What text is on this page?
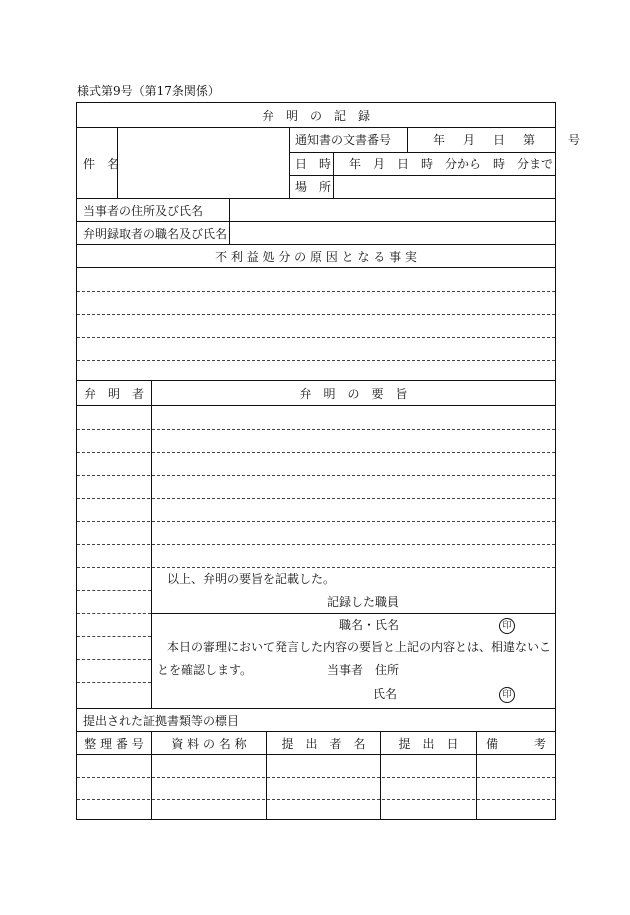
様式第9号（第17条関係）
弁　明　の　記　録
件　名
通知書の文書番号	年　月　日　第　　号
日　時 年　月　日　時　分から　時　分まで
場　所
当事者の住所及び氏名
弁明録取者の職名及び氏名
不 利 益 処 分 の 原 因 と な る 事 実
弁　明　者	弁　明　の　要　旨
以上、弁明の要旨を記載した。
記録した職員
職名・氏名	印
本日の審理において発言した内容の要旨と上記の内容とは、相違ないこ
とを確認します。	当事者　住所
氏名	印
提出された証拠書類等の標目
整 理 番 号	資 料 の 名 称	提　出　者　名	提　出　日	備　　　考
